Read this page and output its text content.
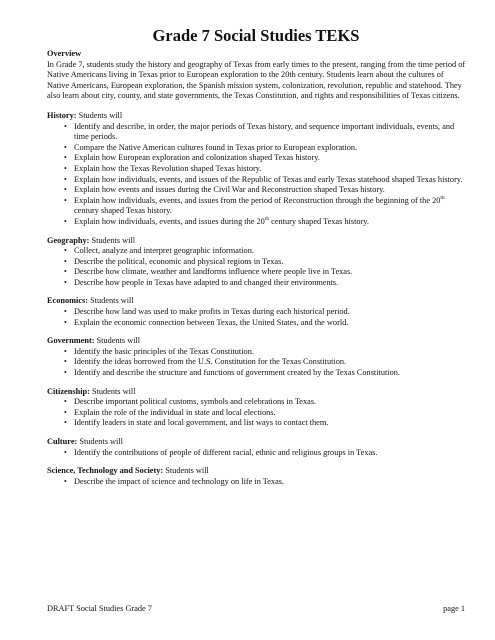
Grade 7 Social Studies TEKS
Overview
In Grade 7, students study the history and geography of Texas from early times to the present, ranging from the time period of Native Americans living in Texas prior to European exploration to the 20th century. Students learn about the cultures of Native Americans, European exploration, the Spanish mission system, colonization, revolution, republic and statehood. They also learn about city, county, and state governments, the Texas Constitution, and rights and responsibilities of Texas citizens.
History: Students will
• Identify and describe, in order, the major periods of Texas history, and sequence important individuals, events, and time periods.
• Compare the Native American cultures found in Texas prior to European exploration.
• Explain how European exploration and colonization shaped Texas history.
• Explain how the Texas Revolution shaped Texas history.
• Explain how individuals, events, and issues of the Republic of Texas and early Texas statehood shaped Texas history.
• Explain how events and issues during the Civil War and Reconstruction shaped Texas history.
• Explain how individuals, events, and issues from the period of Reconstruction through the beginning of the 20th century shaped Texas history.
• Explain how individuals, events, and issues during the 20th century shaped Texas history.
Geography: Students will
• Collect, analyze and interpret geographic information.
• Describe the political, economic and physical regions in Texas.
• Describe how climate, weather and landforms influence where people live in Texas.
• Describe how people in Texas have adapted to and changed their environments.
Economics: Students will
• Describe how land was used to make profits in Texas during each historical period.
• Explain the economic connection between Texas, the United States, and the world.
Government: Students will
• Identify the basic principles of the Texas Constitution.
• Identify the ideas borrowed from the U.S. Constitution for the Texas Constitution.
• Identify and describe the structure and functions of government created by the Texas Constitution.
Citizenship: Students will
• Describe important political customs, symbols and celebrations in Texas.
• Explain the role of the individual in state and local elections.
• Identify leaders in state and local government, and list ways to contact them.
Culture: Students will
• Identify the contributions of people of different racial, ethnic and religious groups in Texas.
Science, Technology and Society: Students will
• Describe the impact of science and technology on life in Texas.
DRAFT Social Studies Grade 7	page 1
